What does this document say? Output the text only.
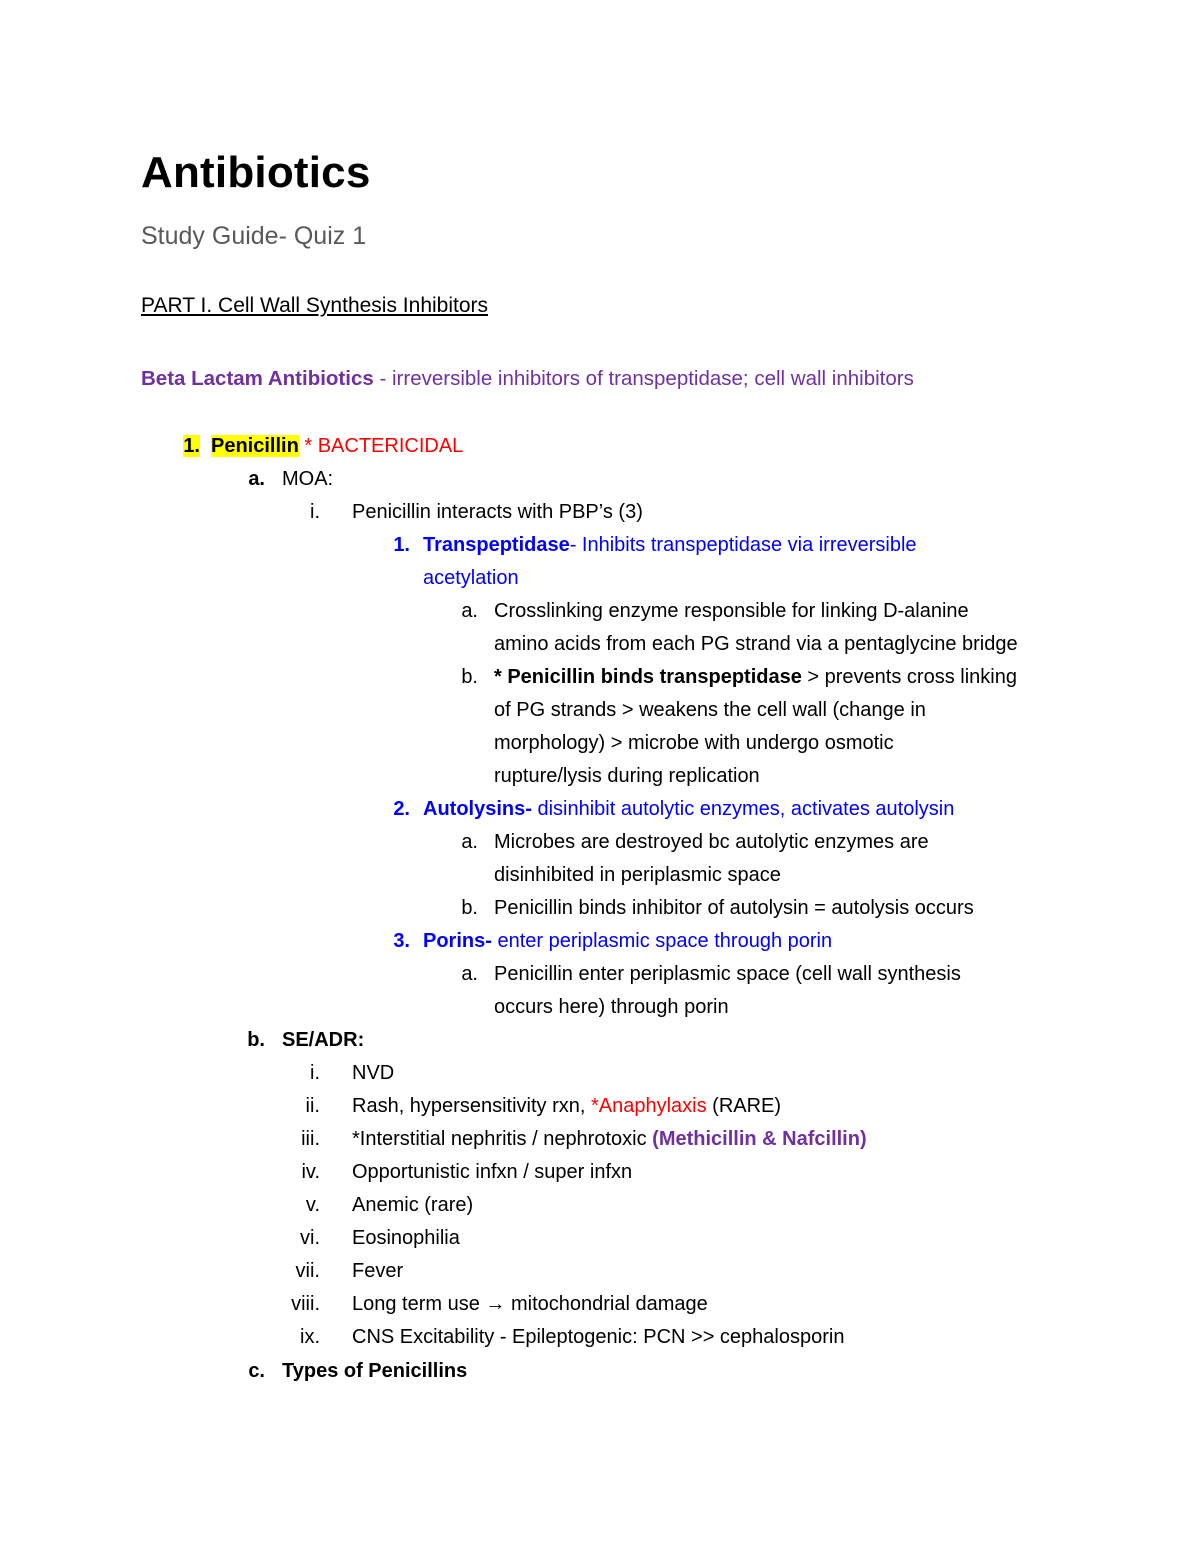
Antibiotics
Study Guide- Quiz 1
PART I. Cell Wall Synthesis Inhibitors
Beta Lactam Antibiotics - irreversible inhibitors of transpeptidase; cell wall inhibitors
1. Penicillin * BACTERICIDAL
a. MOA:
i. Penicillin interacts with PBP’s (3)
1. Transpeptidase- Inhibits transpeptidase via irreversible
acetylation
a. Crosslinking enzyme responsible for linking D-alanine
amino acids from each PG strand via a pentaglycine bridge
b. * Penicillin binds transpeptidase > prevents cross linking
of PG strands > weakens the cell wall (change in
morphology) > microbe with undergo osmotic
rupture/lysis during replication
2. Autolysins- disinhibit autolytic enzymes, activates autolysin
a. Microbes are destroyed bc autolytic enzymes are
disinhibited in periplasmic space
b. Penicillin binds inhibitor of autolysin = autolysis occurs
3. Porins- enter periplasmic space through porin
a. Penicillin enter periplasmic space (cell wall synthesis
occurs here) through porin
b. SE/ADR:
i. NVD
ii. Rash, hypersensitivity rxn, *Anaphylaxis (RARE)
iii. *Interstitial nephritis / nephrotoxic (Methicillin & Nafcillin)
iv. Opportunistic infxn / super infxn
v. Anemic (rare)
vi. Eosinophilia
vii. Fever
viii. Long term use → mitochondrial damage
ix. CNS Excitability - Epileptogenic: PCN >> cephalosporin
c. Types of Penicillins
